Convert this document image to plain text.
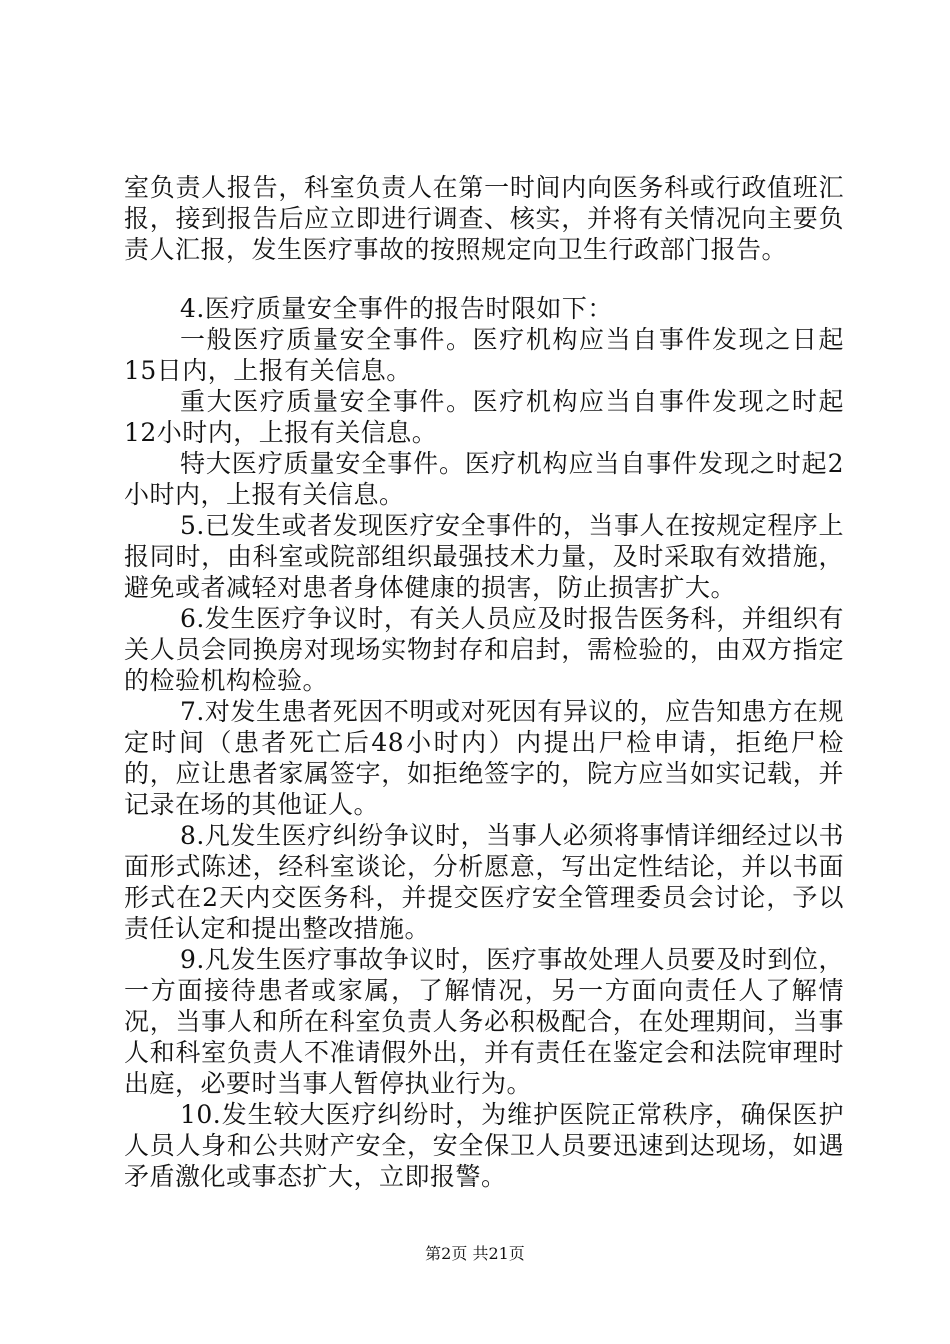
室负责人报告，科室负责人在第一时间内向医务科或行政值班汇报，接到报告后应立即进行调查、核实，并将有关情况向主要负责人汇报，发生医疗事故的按照规定向卫生行政部门报告。

4.医疗质量安全事件的报告时限如下：

一般医疗质量安全事件。医疗机构应当自事件发现之日起15日内，上报有关信息。

重大医疗质量安全事件。医疗机构应当自事件发现之时起12小时内，上报有关信息。

特大医疗质量安全事件。医疗机构应当自事件发现之时起2小时内，上报有关信息。

5.已发生或者发现医疗安全事件的，当事人在按规定程序上报同时，由科室或院部组织最强技术力量，及时采取有效措施，避免或者减轻对患者身体健康的损害，防止损害扩大。

6.发生医疗争议时，有关人员应及时报告医务科，并组织有关人员会同换房对现场实物封存和启封，需检验的，由双方指定的检验机构检验。

7.对发生患者死因不明或对死因有异议的，应告知患方在规定时间（患者死亡后48小时内）内提出尸检申请，拒绝尸检的，应让患者家属签字，如拒绝签字的，院方应当如实记载，并记录在场的其他证人。

8.凡发生医疗纠纷争议时，当事人必须将事情详细经过以书面形式陈述，经科室谈论，分析愿意，写出定性结论，并以书面形式在2天内交医务科，并提交医疗安全管理委员会讨论，予以责任认定和提出整改措施。

9.凡发生医疗事故争议时，医疗事故处理人员要及时到位，一方面接待患者或家属，了解情况，另一方面向责任人了解情况，当事人和所在科室负责人务必积极配合，在处理期间，当事人和科室负责人不准请假外出，并有责任在鉴定会和法院审理时出庭，必要时当事人暂停执业行为。

10.发生较大医疗纠纷时，为维护医院正常秩序，确保医护人员人身和公共财产安全，安全保卫人员要迅速到达现场，如遇矛盾激化或事态扩大，立即报警。

第2页 共21页
